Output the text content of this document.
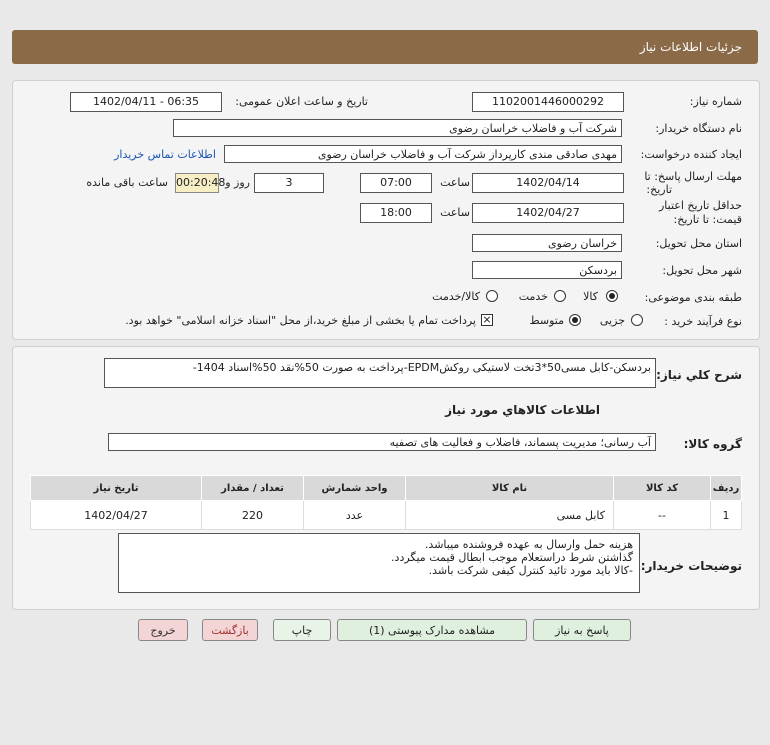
جزئیات اطلاعات نیاز
شماره نیاز:
1102001446000292
تاریخ و ساعت اعلان عمومی:
1402/04/11 - 06:35
نام دستگاه خریدار:
شرکت آب و فاضلاب خراسان رضوی
ایجاد کننده درخواست:
مهدی صادقی مندی کارپرداز شرکت آب و فاضلاب خراسان رضوی
اطلاعات تماس خریدار
مهلت ارسال پاسخ: تا
تاریخ:
1402/04/14
ساعت
07:00
3
روز و
00:20:48
ساعت باقی مانده
حداقل تاریخ اعتبار
قیمت: تا تاریخ:
1402/04/27
ساعت
18:00
استان محل تحویل:
خراسان رضوی
شهر محل تحویل:
بردسکن
طبقه بندی موضوعی:
کالا
خدمت
کالا/خدمت
نوع فرآیند خرید :
جزیی
متوسط
⨯
پرداخت تمام یا بخشی از مبلغ خرید،از محل "اسناد خزانه اسلامی" خواهد بود.
شرح کلي نياز:
بردسکن-کابل مسی50*3تخت لاستیکی روکشEPDM-پرداخت به صورت 50%نقد 50%اسناد 1404-
اطلاعات کالاهاي مورد نياز
گروه کالا:
آب رسانی؛ مدیریت پسماند، فاضلاب و فعالیت های تصفیه
ردیف	کد کالا	نام کالا	واحد شمارش	تعداد / مقدار	تاریخ نیاز
1	--	کابل مسی	عدد	220	1402/04/27
توضیحات خریدار:
هزینه حمل وارسال به عهده فروشنده میباشد.
گذاشتن شرط دراستعلام موجب ابطال قیمت میگردد.
-کالا باید مورد تائید کنترل کیفی شرکت باشد.
پاسخ به نیاز
مشاهده مدارک پیوستی (1)
چاپ
بازگشت
خروج
